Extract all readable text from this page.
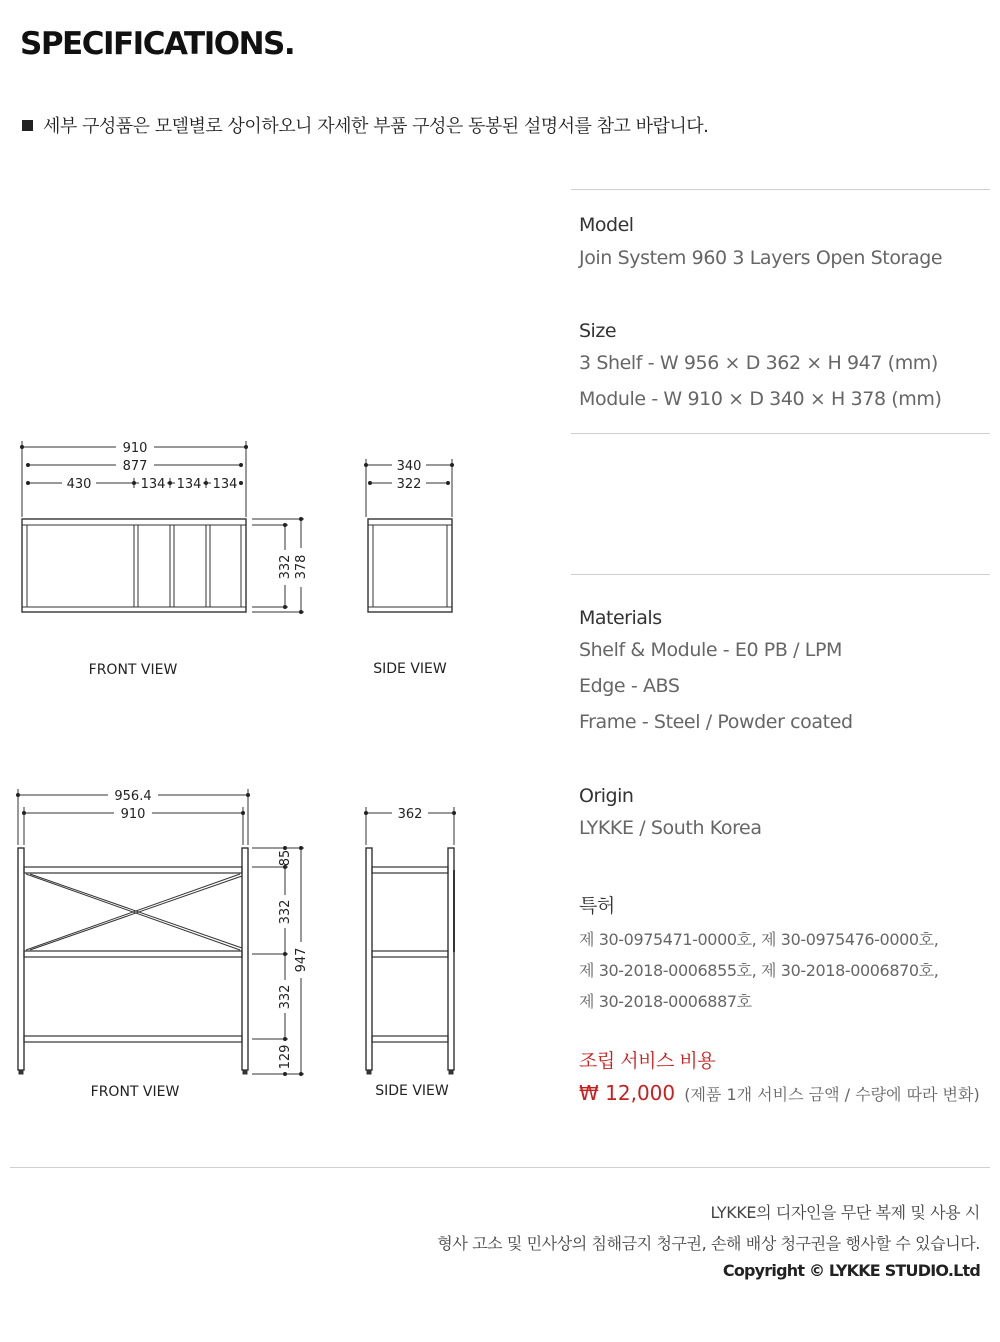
SPECIFICATIONS.
세부 구성품은 모델별로 상이하오니 자세한 부품 구성은 동봉된 설명서를 참고 바랍니다.
910
877
430	134 134 134
332 378
340
322
FRONT VIEW	SIDE VIEW
956.4
910	362
85
332
332
129
947
FRONT VIEW	SIDE VIEW
Model
Join System 960 3 Layers Open Storage
Size
3 Shelf - W 956 × D 362 × H 947 (mm)
Module - W 910 × D 340 × H 378 (mm)
Materials
Shelf & Module - E0 PB / LPM
Edge - ABS
Frame - Steel / Powder coated
Origin
LYKKE / South Korea
특허
제 30-0975471-0000호, 제 30-0975476-0000호,
제 30-2018-0006855호, 제 30-2018-0006870호,
제 30-2018-0006887호
조립 서비스 비용
₩ 12,000 (제품 1개 서비스 금액 / 수량에 따라 변화)
LYKKE의 디자인을 무단 복제 및 사용 시
형사 고소 및 민사상의 침해금지 청구권, 손해 배상 청구권을 행사할 수 있습니다.
Copyright © LYKKE STUDIO.Ltd
